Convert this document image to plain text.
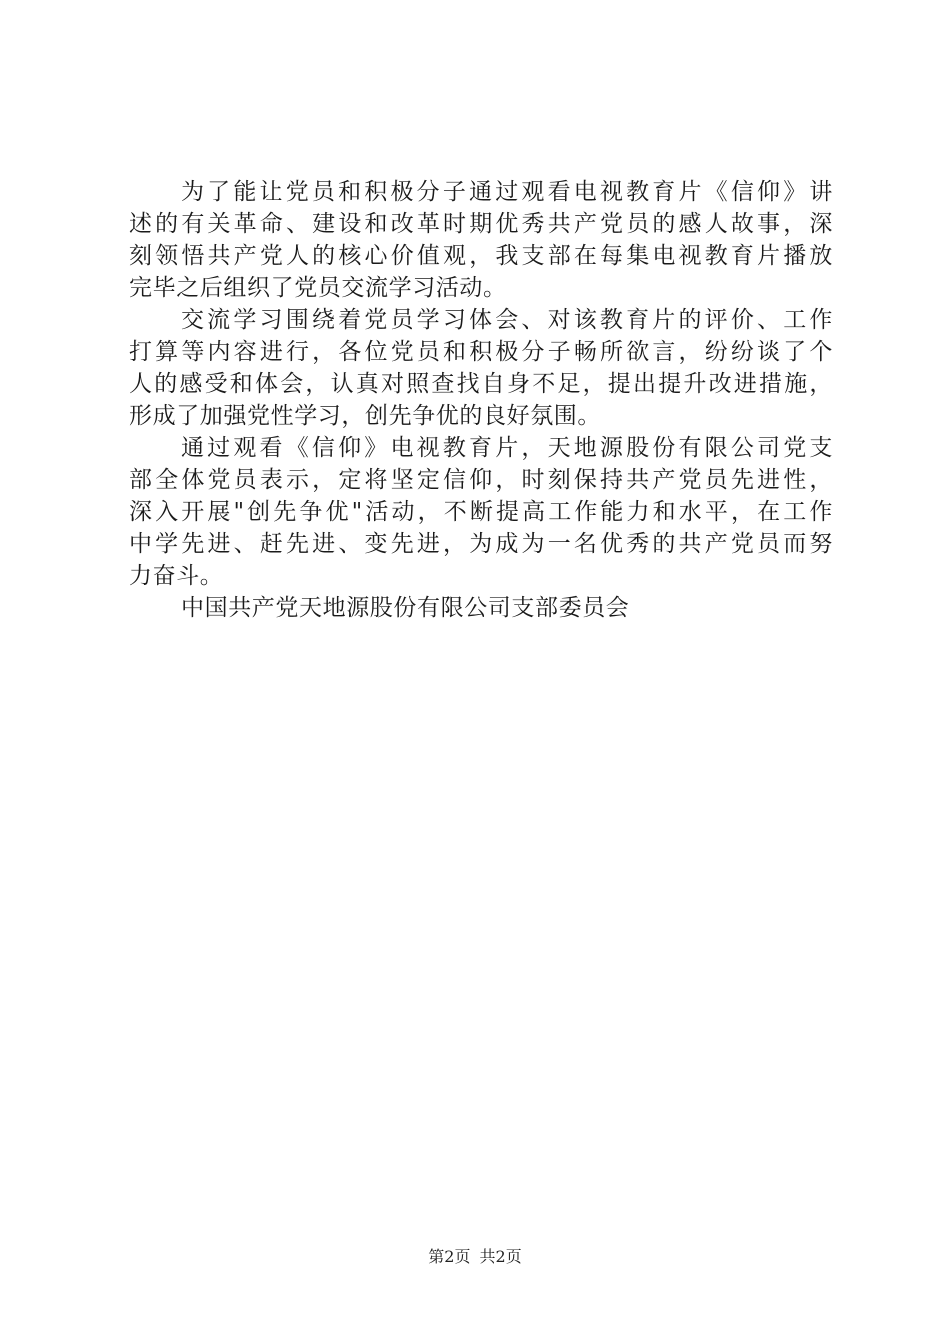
为了能让党员和积极分子通过观看电视教育片《信仰》讲
述的有关革命、建设和改革时期优秀共产党员的感人故事，深
刻领悟共产党人的核心价值观，我支部在每集电视教育片播放
完毕之后组织了党员交流学习活动。
交流学习围绕着党员学习体会、对该教育片的评价、工作
打算等内容进行，各位党员和积极分子畅所欲言，纷纷谈了个
人的感受和体会，认真对照查找自身不足，提出提升改进措施，
形成了加强党性学习，创先争优的良好氛围。
通过观看《信仰》电视教育片，天地源股份有限公司党支
部全体党员表示，定将坚定信仰，时刻保持共产党员先进性，
深入开展"创先争优"活动，不断提高工作能力和水平，在工作
中学先进、赶先进、变先进，为成为一名优秀的共产党员而努
力奋斗。
中国共产党天地源股份有限公司支部委员会
第2页 共2页
